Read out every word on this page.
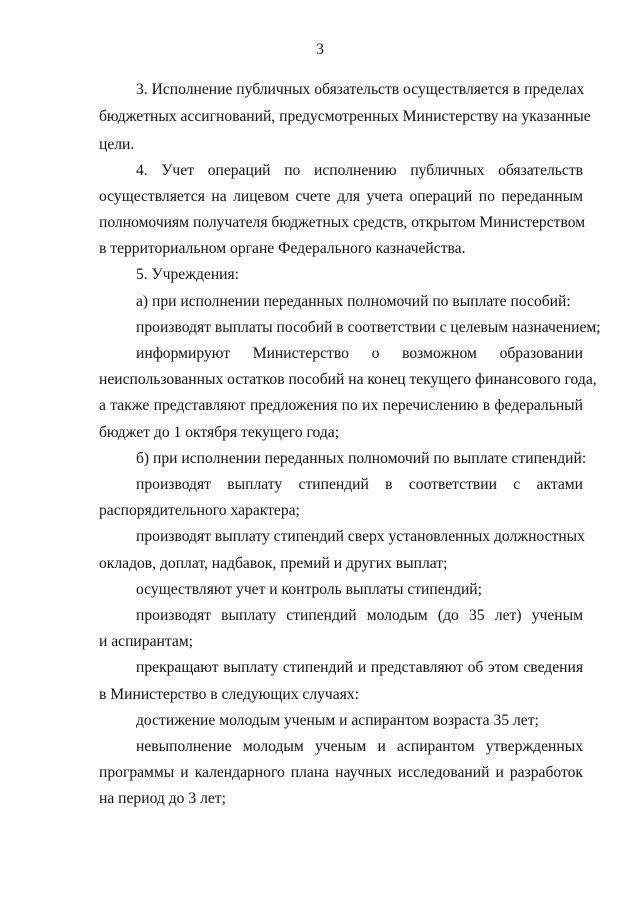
3
3. Исполнение публичных обязательств осуществляется в пределах
бюджетных ассигнований, предусмотренных Министерству на указанные
цели.
4. Учет операций по исполнению публичных обязательств
осуществляется на лицевом счете для учета операций по переданным
полномочиям получателя бюджетных средств, открытом Министерством
в территориальном органе Федерального казначейства.
5. Учреждения:
а) при исполнении переданных полномочий по выплате пособий:
производят выплаты пособий в соответствии с целевым назначением;
информируют Министерство о возможном образовании
неиспользованных остатков пособий на конец текущего финансового года,
а также представляют предложения по их перечислению в федеральный
бюджет до 1 октября текущего года;
б) при исполнении переданных полномочий по выплате стипендий:
производят выплату стипендий в соответствии с актами
распорядительного характера;
производят выплату стипендий сверх установленных должностных
окладов, доплат, надбавок, премий и других выплат;
осуществляют учет и контроль выплаты стипендий;
производят выплату стипендий молодым (до 35 лет) ученым
и аспирантам;
прекращают выплату стипендий и представляют об этом сведения
в Министерство в следующих случаях:
достижение молодым ученым и аспирантом возраста 35 лет;
невыполнение молодым ученым и аспирантом утвержденных
программы и календарного плана научных исследований и разработок
на период до 3 лет;
